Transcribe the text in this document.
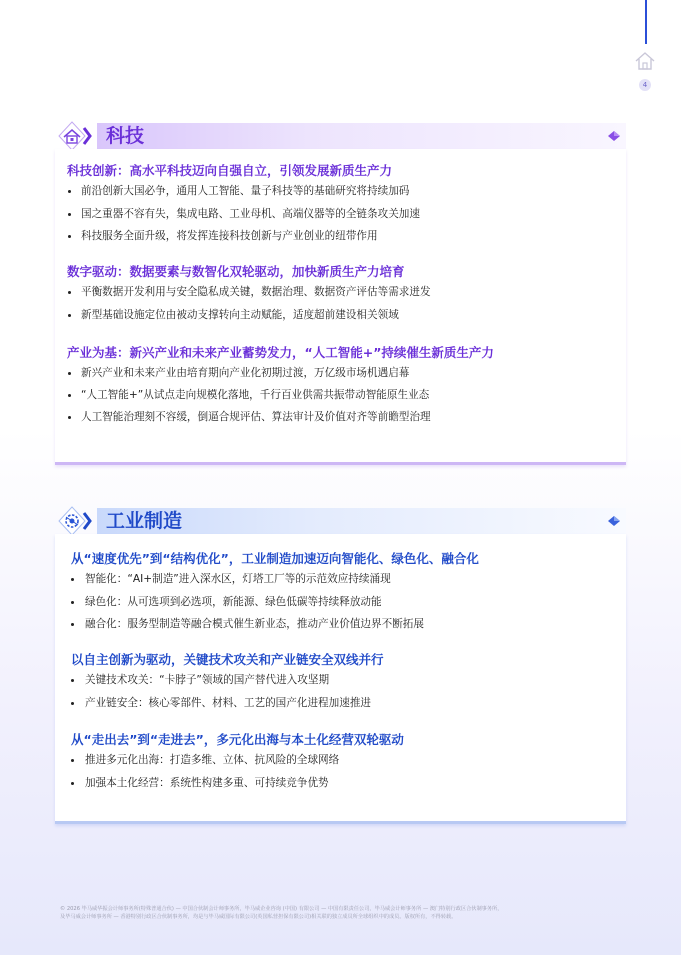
4
科技

科技创新：高水平科技迈向自强自立，引领发展新质生产力

前沿创新大国必争，通用人工智能、量子科技等的基础研究将持续加码
国之重器不容有失，集成电路、工业母机、高端仪器等的全链条攻关加速
科技服务全面升级，将发挥连接科技创新与产业创业的纽带作用

数字驱动：数据要素与数智化双轮驱动，加快新质生产力培育

平衡数据开发利用与安全隐私成关键，数据治理、数据资产评估等需求迸发
新型基础设施定位由被动支撑转向主动赋能，适度超前建设相关领域

产业为基：新兴产业和未来产业蓄势发力，“人工智能+”持续催生新质生产力

新兴产业和未来产业由培育期向产业化初期过渡，万亿级市场机遇启幕
“人工智能+”从试点走向规模化落地，千行百业供需共振带动智能原生业态
人工智能治理刻不容缓，倒逼合规评估、算法审计及价值对齐等前瞻型治理
工业制造

从“速度优先”到“结构优化”，工业制造加速迈向智能化、绿色化、融合化

智能化：“AI+制造”进入深水区，灯塔工厂等的示范效应持续涌现
绿色化：从可选项到必选项，新能源、绿色低碳等持续释放动能
融合化：服务型制造等融合模式催生新业态，推动产业价值边界不断拓展

以自主创新为驱动，关键技术攻关和产业链安全双线并行

关键技术攻关：“卡脖子”领域的国产替代进入攻坚期
产业链安全：核心零部件、材料、工艺的国产化进程加速推进

从“走出去”到“走进去”，多元化出海与本土化经营双轮驱动

推进多元化出海：打造多维、立体、抗风险的全球网络
加强本土化经营：系统性构建多重、可持续竞争优势
© 2026 毕马威华振会计师事务所(特殊普通合伙) — 中国合伙制会计师事务所，毕马威企业咨询 (中国) 有限公司 — 中国有限责任公司，毕马威会计师事务所 — 澳门特别行政区合伙制事务所，
及毕马威会计师事务所 — 香港特别行政区合伙制事务所，均是与毕马威国际有限公司(英国私营担保有限公司)相关联的独立成员所全球组织中的成员。版权所有，不得转载。
